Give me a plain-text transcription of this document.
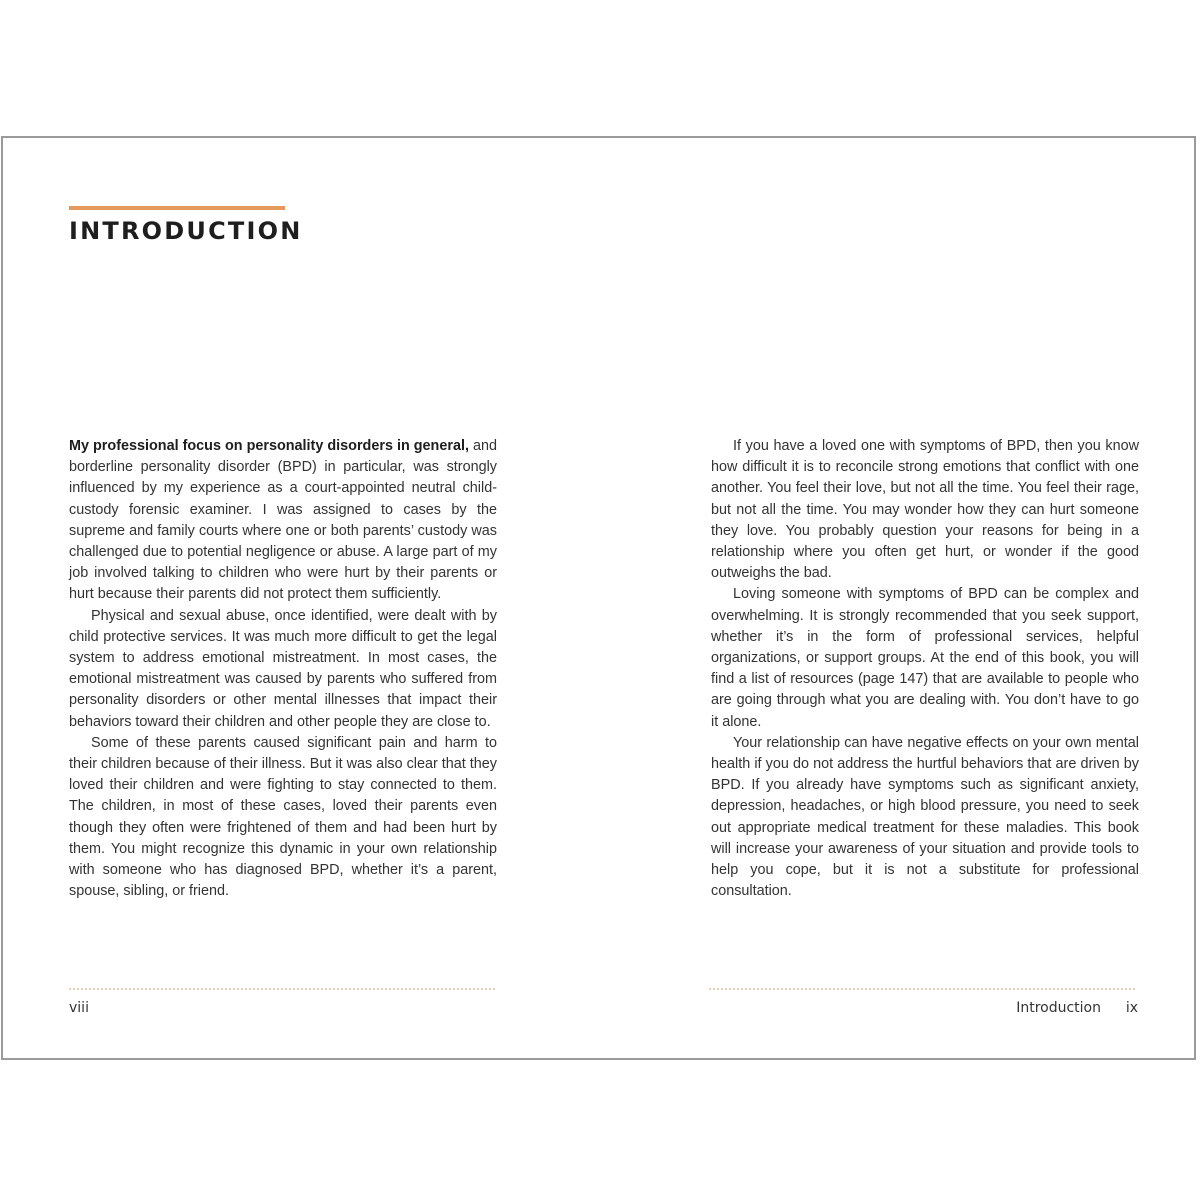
INTRODUCTION

My professional focus on personality disorders in general, and borderline personality disorder (BPD) in particular, was strongly influenced by my experience as a court-appointed neutral child-custody forensic examiner. I was assigned to cases by the supreme and family courts where one or both parents’ custody was challenged due to potential negligence or abuse. A large part of my job involved talking to children who were hurt by their parents or hurt because their parents did not protect them sufficiently.

Physical and sexual abuse, once identified, were dealt with by child protective services. It was much more difficult to get the legal system to address emotional mistreatment. In most cases, the emotional mistreatment was caused by parents who suffered from personality disorders or other mental illnesses that impact their behaviors toward their children and other people they are close to.

Some of these parents caused significant pain and harm to their children because of their illness. But it was also clear that they loved their children and were fighting to stay connected to them. The children, in most of these cases, loved their parents even though they often were frightened of them and had been hurt by them. You might recognize this dynamic in your own relationship with someone who has diagnosed BPD, whether it’s a parent, spouse, sibling, or friend.

viii

If you have a loved one with symptoms of BPD, then you know how difficult it is to reconcile strong emotions that conflict with one another. You feel their love, but not all the time. You feel their rage, but not all the time. You may wonder how they can hurt someone they love. You probably question your reasons for being in a relationship where you often get hurt, or wonder if the good outweighs the bad.

Loving someone with symptoms of BPD can be complex and overwhelming. It is strongly recommended that you seek support, whether it’s in the form of professional services, helpful organizations, or support groups. At the end of this book, you will find a list of resources (page 147) that are available to people who are going through what you are dealing with. You don’t have to go it alone.

Your relationship can have negative effects on your own mental health if you do not address the hurtful behaviors that are driven by BPD. If you already have symptoms such as significant anxiety, depression, headaches, or high blood pressure, you need to seek out appropriate medical treatment for these maladies. This book will increase your awareness of your situation and provide tools to help you cope, but it is not a substitute for professional consultation.

Introduction ix
